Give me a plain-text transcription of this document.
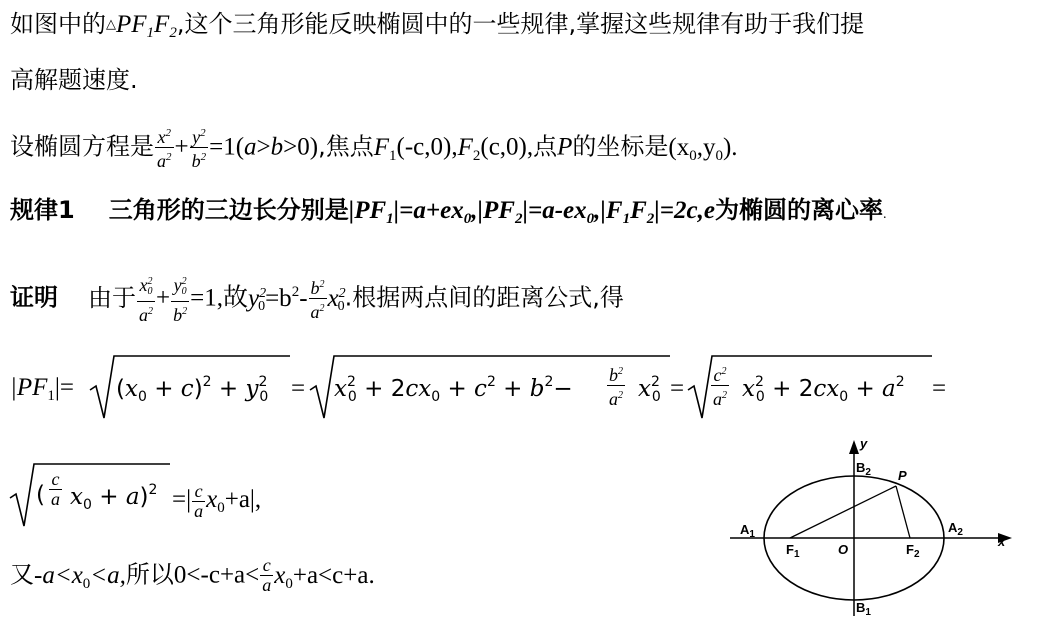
如图中的$\triangle PF_1F_2$,这个三角形能反映椭圆中的一些规律,掌握这些规律有助于我们提
高解题速度.
设椭圆方程是 $\frac{x^2}{a^2} + \frac{y^2}{b^2} =1(a>b>0)$,焦点$F_1(-c,0),F_2(c,0)$,点P的坐标是$(x_0,y_0)$.
规律1 三角形的三边长分别是$|PF_1|=a+ex_0,|PF_2|=a-ex_0,|F_1F_2|=2c,e$为椭圆的离心率.
证明 由于 $\frac{x^2_0}{a^2} + \frac{y^2_0}{b^2} =1$,故$y^2_0=b^2- \frac{b^2}{a^2} x^2_0$.根据两点间的距离公式,得
$|PF_1|= (x_0 + c)^2 + y^2_0 = x^2_0 + 2cx_0 + c^2 + b^2- \frac{b^2}{a^2} x^2_0 = \frac{c^2}{a^2} x^2_0 + 2cx_0 + a^2$ =
( $\frac{c}{a} x_0 + a)^2$ =| $\frac{c}{a} x_0+a|$,
又$-a<x_0<a$,所以$0<-c+a< \frac{c}{a} x_0+a<c+a$.
y
x
$B_2$
$B_1$
$A_1$	$A_2$
$F_1$	$F_2$
O
P
